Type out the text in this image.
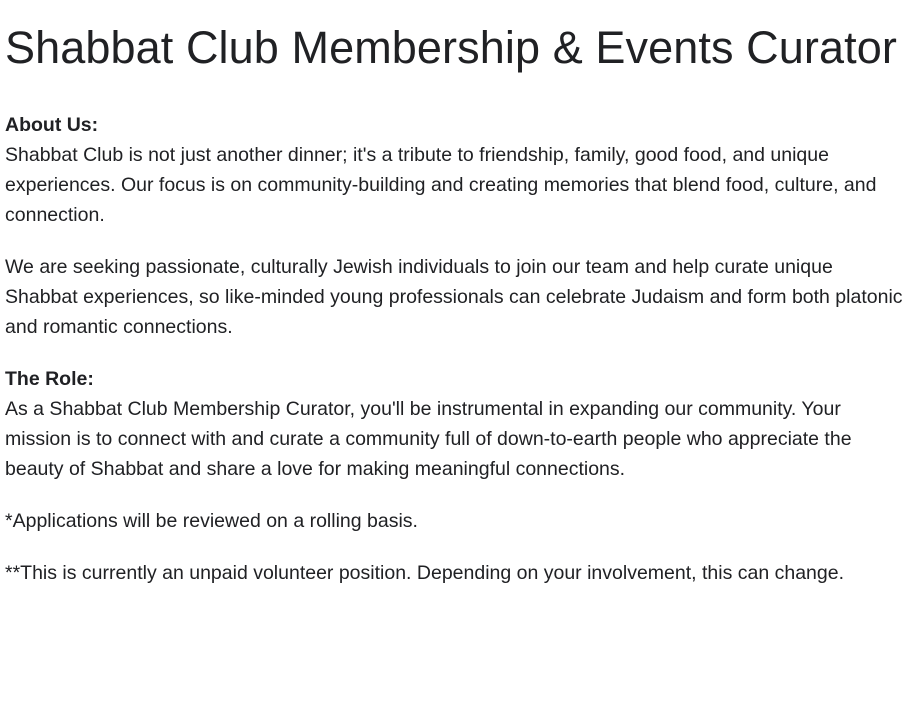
Shabbat Club Membership & Events Curator
About Us:

Shabbat Club is not just another dinner; it's a tribute to friendship, family, good food, and unique experiences. Our focus is on community-building and creating memories that blend food, culture, and connection.

We are seeking passionate, culturally Jewish individuals to join our team and help curate unique Shabbat experiences, so like-minded young professionals can celebrate Judaism and form both platonic and romantic connections.

The Role:

As a Shabbat Club Membership Curator, you'll be instrumental in expanding our community. Your mission is to connect with and curate a community full of down-to-earth people who appreciate the beauty of Shabbat and share a love for making meaningful connections.

*Applications will be reviewed on a rolling basis.

**This is currently an unpaid volunteer position. Depending on your involvement, this can change.
